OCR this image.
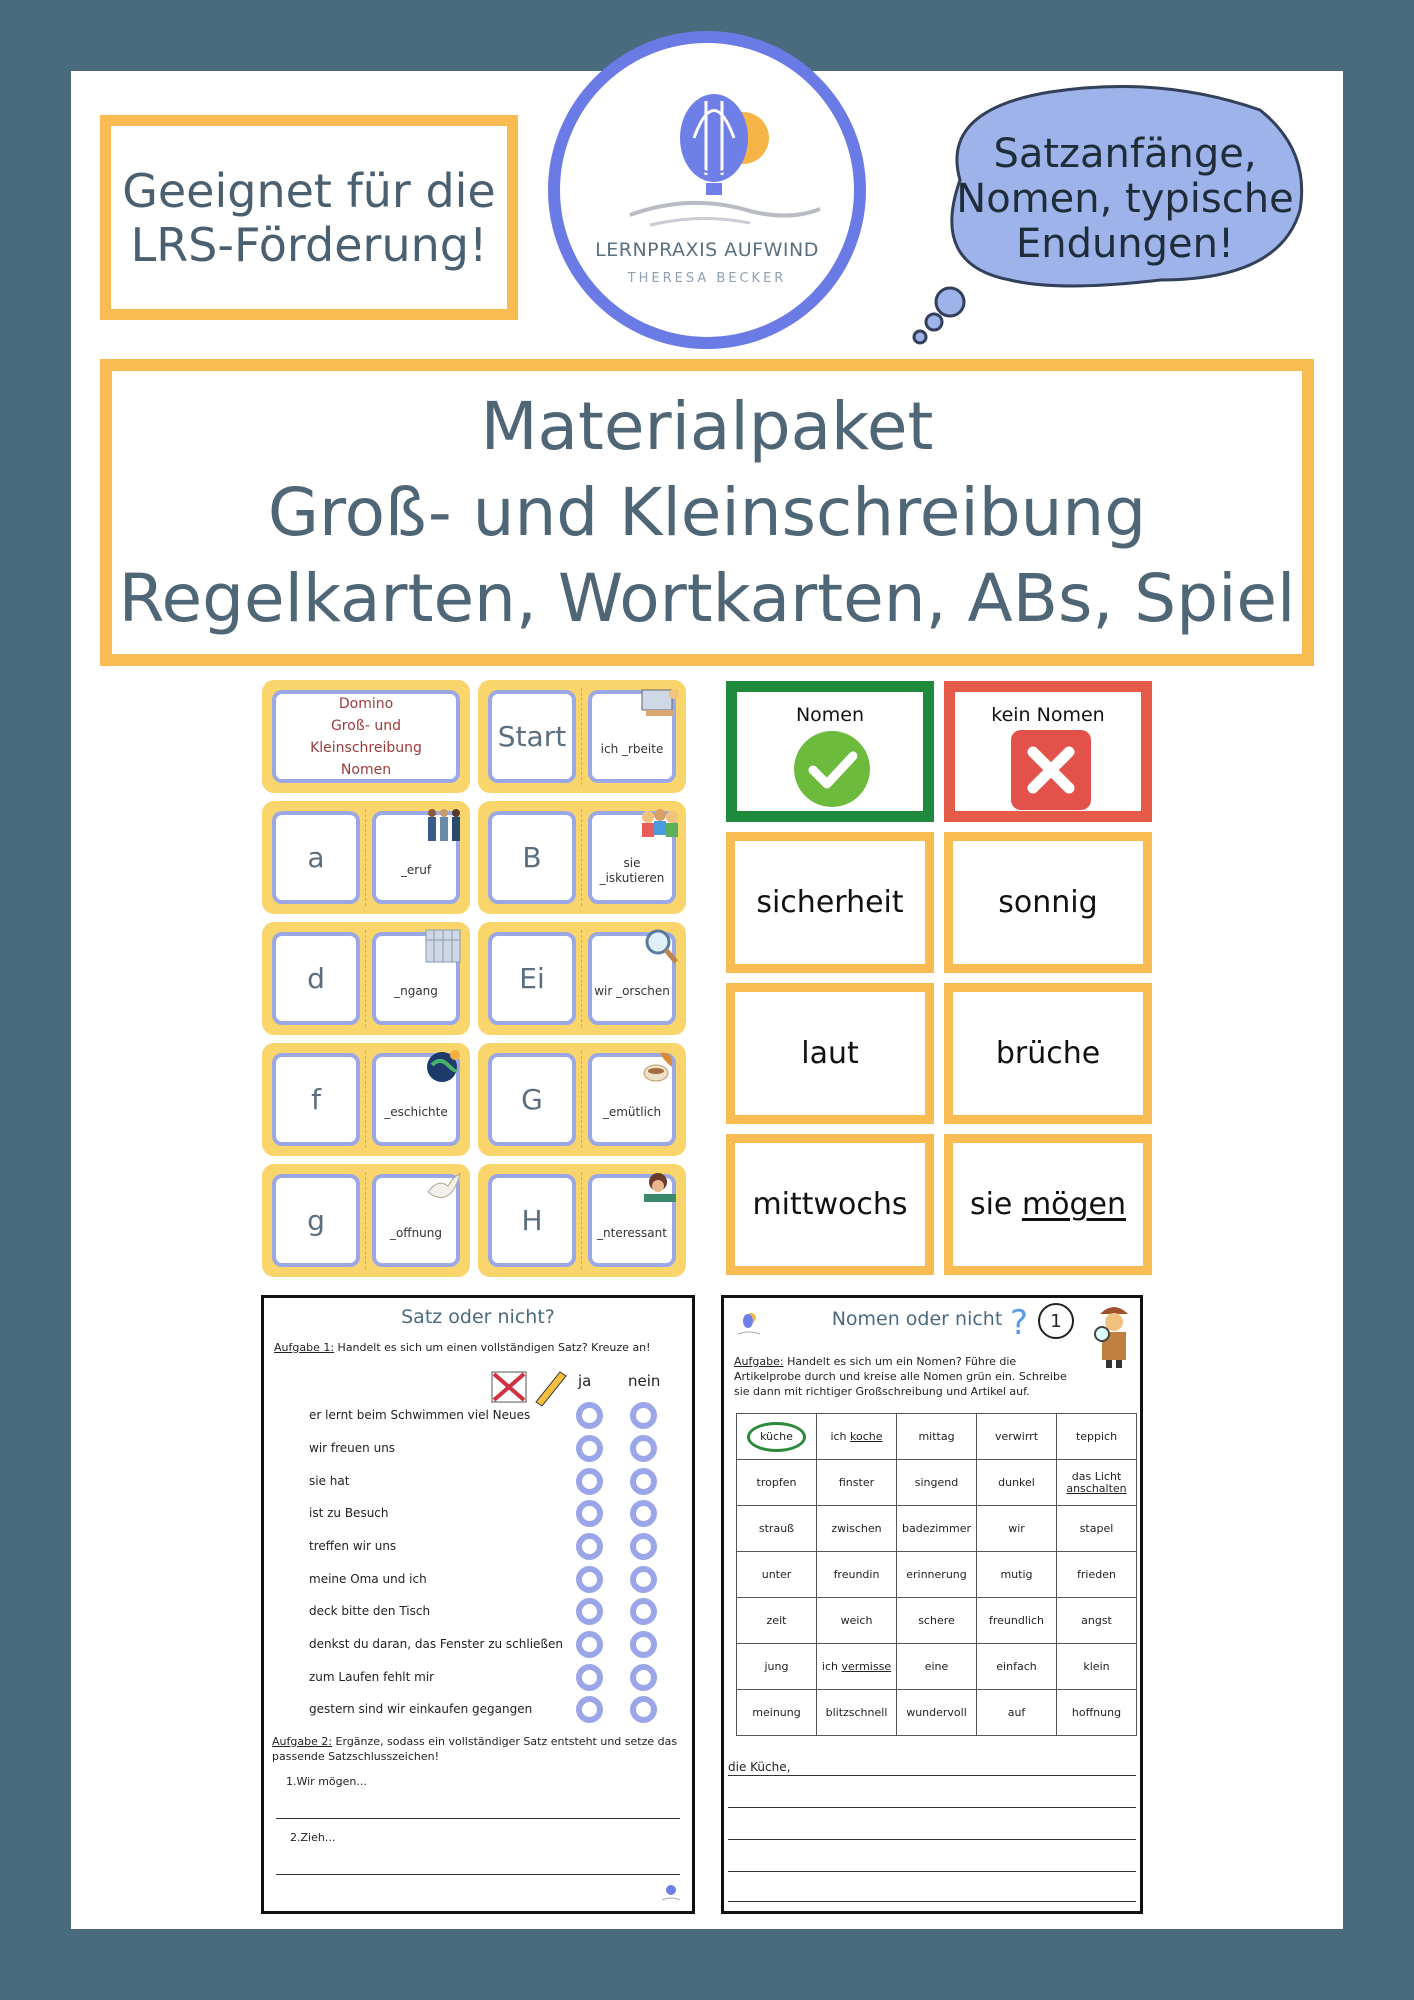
Geeignet für die
LRS-Förderung!	LERNPRAXIS AUFWIND
THERESA BECKER
Satzanfänge,
Nomen, typische
Endungen!
Materialpaket
Groß- und Kleinschreibung
Regelkarten, Wortkarten, ABs, Spiel
Domino
Groß- und Kleinschreibung
Nomen
Start	ich _rbeite
a	_eruf	B	sie _iskutieren
d	_ngang	Ei	wir _orschen
f	_eschichte	G	_emütlich
g	_offnung	H	_nteressant
Nomen	kein Nomen
sicherheit	sonnig
laut	brüche
mittwochs	sie mögen
Satz oder nicht?
Aufgabe 1: Handelt es sich um einen vollständigen Satz? Kreuze an!
ja nein
er lernt beim Schwimmen viel Neues
wir freuen uns
sie hat
ist zu Besuch
treffen wir uns
meine Oma und ich
deck bitte den Tisch
denkst du daran, das Fenster zu schließen
zum Laufen fehlt mir
gestern sind wir einkaufen gegangen
Aufgabe 2: Ergänze, sodass ein vollständiger Satz entsteht und setze das passende Satzschlusszeichen!
1.Wir mögen...
2.Zieh...
Nomen oder nicht ? 1
Aufgabe: Handelt es sich um ein Nomen? Führe die Artikelprobe durch und kreise alle Nomen grün ein. Schreibe sie dann mit richtiger Großschreibung und Artikel auf.
küche	ich koche	mittag	verwirrt	teppich
tropfen	finster	singend	dunkel	das Licht
anschalten
strauß	zwischen	badezimmer	wir	stapel
unter	freundin	erinnerung	mutig	frieden
zeit	weich	schere	freundlich	angst
jung	ich vermisse	eine	einfach	klein
meinung	blitzschnell	wundervoll	auf	hoffnung
die Küche,
